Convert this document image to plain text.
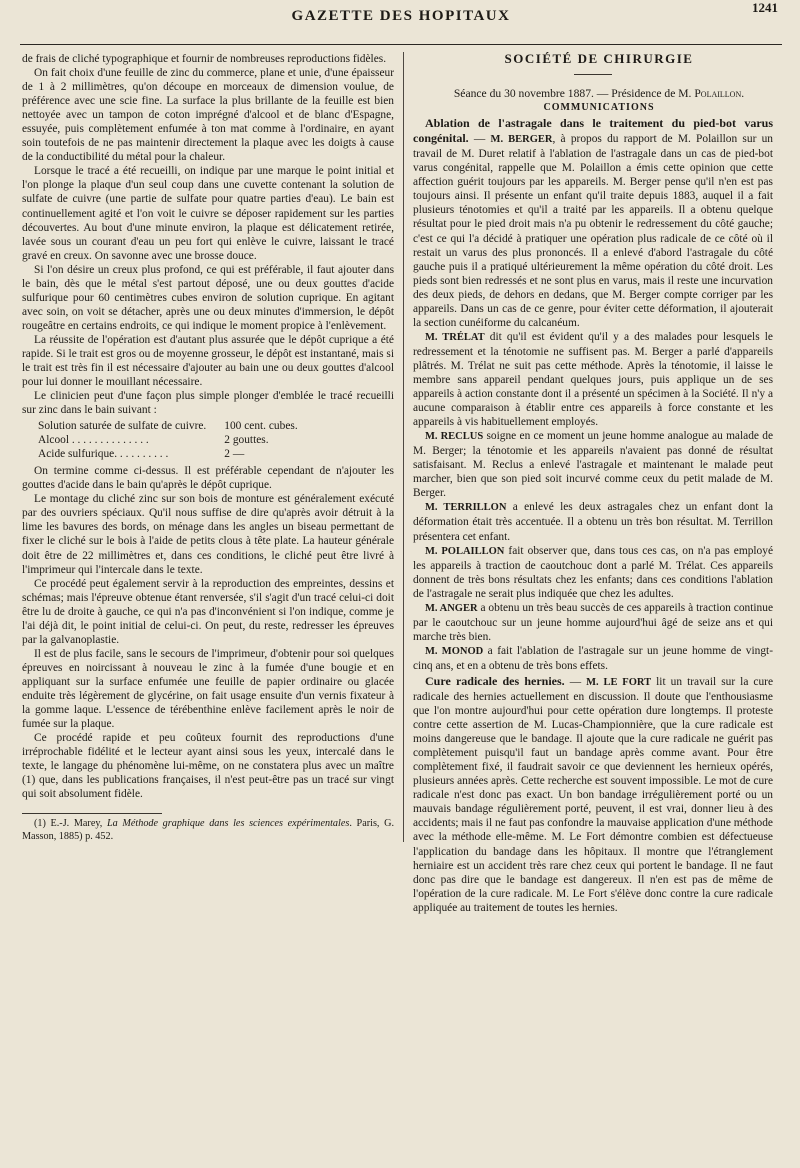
GAZETTE DES HOPITAUX
1241

de frais de cliché typographique et fournir de nombreuses reproductions fidèles.

On fait choix d'une feuille de zinc du commerce, plane et unie, d'une épaisseur de 1 à 2 millimètres, qu'on découpe en morceaux de dimension voulue, de préférence avec une scie fine. La surface la plus brillante de la feuille est bien nettoyée avec un tampon de coton imprégné d'alcool et de blanc d'Espagne, essuyée, puis complètement enfumée à ton mat comme à l'ordinaire, en ayant soin toutefois de ne pas maintenir directement la plaque avec les doigts à cause de la conductibilité du métal pour la chaleur.

Lorsque le tracé a été recueilli, on indique par une marque le point initial et l'on plonge la plaque d'un seul coup dans une cuvette contenant la solution de sulfate de cuivre (une partie de sulfate pour quatre parties d'eau). Le bain est continuellement agité et l'on voit le cuivre se déposer rapidement sur les parties découvertes. Au bout d'une minute environ, la plaque est délicatement retirée, lavée sous un courant d'eau un peu fort qui enlève le cuivre, laissant le tracé gravé en creux. On savonne avec une brosse douce.

Si l'on désire un creux plus profond, ce qui est préférable, il faut ajouter dans le bain, dès que le métal s'est partout déposé, une ou deux gouttes d'acide sulfurique pour 60 centimètres cubes environ de solution cuprique. En agitant avec soin, on voit se détacher, après une ou deux minutes d'immersion, le dépôt rougeâtre en certains endroits, ce qui indique le moment propice à l'enlèvement.

La réussite de l'opération est d'autant plus assurée que le dépôt cuprique a été rapide. Si le trait est gros ou de moyenne grosseur, le dépôt est instantané, mais si le trait est très fin il est nécessaire d'ajouter au bain une ou deux gouttes d'alcool pour lui donner le mouillant nécessaire.

Le clinicien peut d'une façon plus simple plonger d'emblée le tracé recueilli sur zinc dans le bain suivant :

Solution saturée de sulfate de cuivre.	100 cent. cubes.
Alcool . . . . . . . . . . . . . .	2 gouttes.
Acide sulfurique. . . . . . . . . .	2 —

On termine comme ci-dessus. Il est préférable cependant de n'ajouter les gouttes d'acide dans le bain qu'après le dépôt cuprique.

Le montage du cliché zinc sur son bois de monture est généralement exécuté par des ouvriers spéciaux. Qu'il nous suffise de dire qu'après avoir détruit à la lime les bavures des bords, on ménage dans les angles un biseau permettant de fixer le cliché sur le bois à l'aide de petits clous à tête plate. La hauteur générale doit être de 22 millimètres et, dans ces conditions, le cliché peut être livré à l'imprimeur qui l'intercale dans le texte.

Ce procédé peut également servir à la reproduction des empreintes, dessins et schémas; mais l'épreuve obtenue étant renversée, s'il s'agit d'un tracé celui-ci doit être lu de droite à gauche, ce qui n'a pas d'inconvénient si l'on indique, comme je l'ai déjà dit, le point initial de celui-ci. On peut, du reste, redresser les épreuves par la galvanoplastie.

Il est de plus facile, sans le secours de l'imprimeur, d'obtenir pour soi quelques épreuves en noircissant à nouveau le zinc à la fumée d'une bougie et en appliquant sur la surface enfumée une feuille de papier ordinaire ou glacée enduite très légèrement de glycérine, on fait usage ensuite d'un vernis fixateur à la gomme laque. L'essence de térébenthine enlève facilement après le noir de fumée sur la plaque.

Ce procédé rapide et peu coûteux fournit des reproductions d'une irréprochable fidélité et le lecteur ayant ainsi sous les yeux, intercalé dans le texte, le langage du phénomène lui-même, on ne constatera plus avec un maître (1) que, dans les publications françaises, il n'est peut-être pas un tracé sur vingt qui soit absolument fidèle.

(1) E.-J. Marey, La Méthode graphique dans les sciences expérimentales. Paris, G. Masson, 1885) p. 452.

SOCIÉTÉ DE CHIRURGIE

Séance du 30 novembre 1887. — Présidence de M. Polaillon.

COMMUNICATIONS

Ablation de l'astragale dans le traitement du pied-bot varus congénital. — M. BERGER, à propos du rapport de M. Polaillon sur un travail de M. Duret relatif à l'ablation de l'astragale dans un cas de pied-bot varus congénital, rappelle que M. Polaillon a émis cette opinion que cette affection guérit toujours par les appareils. M. Berger pense qu'il n'en est pas toujours ainsi. Il présente un enfant qu'il traite depuis 1883, auquel il a fait plusieurs ténotomies et qu'il a traité par les appareils. Il a obtenu quelque résultat pour le pied droit mais n'a pu obtenir le redressement du côté gauche; c'est ce qui l'a décidé à pratiquer une opération plus radicale de ce côté où il restait un varus des plus prononcés. Il a enlevé d'abord l'astragale du côté gauche puis il a pratiqué ultérieurement la même opération du côté droit. Les pieds sont bien redressés et ne sont plus en varus, mais il reste une incurvation des deux pieds, de dehors en dedans, que M. Berger compte corriger par les appareils. Dans un cas de ce genre, pour éviter cette déformation, il ajouterait la section cunéiforme du calcanéum.

M. TRÉLAT dit qu'il est évident qu'il y a des malades pour lesquels le redressement et la ténotomie ne suffisent pas. M. Berger a parlé d'appareils plâtrés. M. Trélat ne suit pas cette méthode. Après la ténotomie, il laisse le membre sans appareil pendant quelques jours, puis applique un de ses appareils à action constante dont il a présenté un spécimen à la Société. Il n'y a aucune comparaison à établir entre ces appareils à force constante et les appareils à vis habituellement employés.

M. RECLUS soigne en ce moment un jeune homme analogue au malade de M. Berger; la ténotomie et les appareils n'avaient pas donné de résultat satisfaisant. M. Reclus a enlevé l'astragale et maintenant le malade peut marcher, bien que son pied soit incurvé comme ceux du petit malade de M. Berger.

M. TERRILLON a enlevé les deux astragales chez un enfant dont la déformation était très accentuée. Il a obtenu un très bon résultat. M. Terrillon présentera cet enfant.

M. POLAILLON fait observer que, dans tous ces cas, on n'a pas employé les appareils à traction de caoutchouc dont a parlé M. Trélat. Ces appareils donnent de très bons résultats chez les enfants; dans ces conditions l'ablation de l'astragale ne serait plus indiquée que chez les adultes.

M. ANGER a obtenu un très beau succès de ces appareils à traction continue par le caoutchouc sur un jeune homme aujourd'hui âgé de seize ans et qui marche très bien.

M. MONOD a fait l'ablation de l'astragale sur un jeune homme de vingt-cinq ans, et en a obtenu de très bons effets.

Cure radicale des hernies. — M. LE FORT lit un travail sur la cure radicale des hernies actuellement en discussion. Il doute que l'enthousiasme que l'on montre aujourd'hui pour cette opération dure longtemps. Il proteste contre cette assertion de M. Lucas-Championnière, que la cure radicale est moins dangereuse que le bandage. Il ajoute que la cure radicale ne guérit pas complètement puisqu'il faut un bandage après comme avant. Pour être complètement fixé, il faudrait savoir ce que deviennent les hernieux opérés, plusieurs années après. Cette recherche est souvent impossible. Le mot de cure radicale n'est donc pas exact. Un bon bandage irrégulièrement porté ou un mauvais bandage régulièrement porté, peuvent, il est vrai, donner lieu à des accidents; mais il ne faut pas confondre la mauvaise application d'une méthode avec la méthode elle-même. M. Le Fort démontre combien est défectueuse l'application du bandage dans les hôpitaux. Il montre que l'étranglement herniaire est un accident très rare chez ceux qui portent le bandage. Il ne faut donc pas dire que le bandage est dangereux. Il n'en est pas de même de l'opération de la cure radicale. M. Le Fort s'élève donc contre la cure radicale appliquée au traitement de toutes les hernies.
